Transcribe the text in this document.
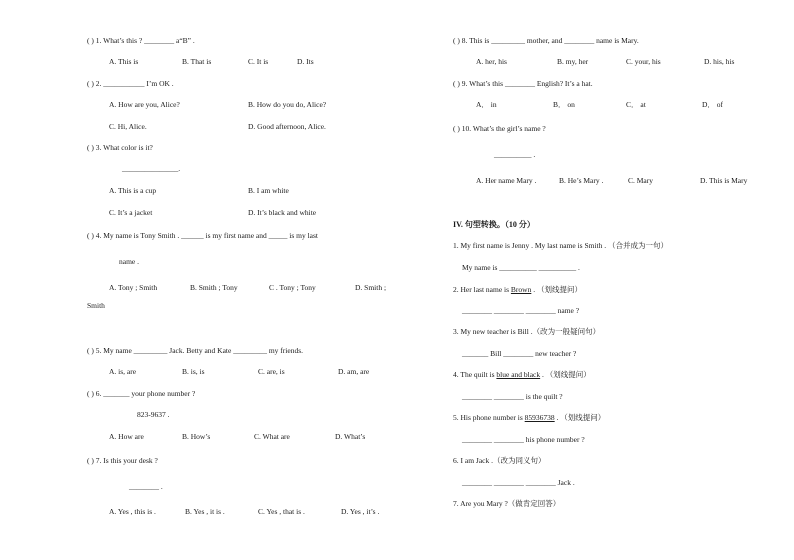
( ) 1. What’s this ? ________ a“B” .
A. This is	B. That is	C. It is	D. Its
( ) 2. ___________ I’m OK .
A. How are you, Alice?	B. How do you do, Alice?
C. Hi, Alice.	D. Good afternoon, Alice.
( ) 3. What color is it?
_______________.
A. This is a cup	B. I am white
C. It’s a jacket	D. It’s black and white
( ) 4. My name is Tony Smith . ______ is my first name and _____ is my last
name .
A. Tony ; Smith	B. Smith ; Tony	C . Tony ; Tony	D. Smith ;
Smith
( ) 5. My name _________ Jack. Betty and Kate _________ my friends.
A. is, are	B. is, is	C. are, is	D. am, are
( ) 6. _______ your phone number ?
823-9637 .
A. How are	B. How’s	C. What are	D. What’s
( ) 7. Is this your desk ?
________ .
A. Yes , this is .	B. Yes , it is .	C. Yes , that is .	D. Yes , it’s .
( ) 8. This is _________ mother, and ________ name is Mary.
A. her, his	B. my, her	C. your, his	D. his, his
( ) 9. What’s this ________ English? It’s a hat.
A． in	B． on	C． at	D． of
( ) 10. What’s the girl’s name ?
__________ .
A. Her name Mary .	B. He’s Mary .	C. Mary	D. This is Mary
IV. 句型转换。（10 分）
1. My first name is Jenny . My last name is Smith . （合并成为一句）
My name is __________ __________ .
2. Her last name is Brown . （划线提问）
________ ________ ________ name ?
3. My new teacher is Bill .（改为一般疑问句）
_______ Bill ________ new teacher ?
4. The quilt is blue and black . （划线提问）
________ ________ is the quilt ?
5. His phone number is 85936738 . （划线提问）
________ ________ his phone number ?
6. I am Jack .（改为同义句）
________ ________ ________ Jack .
7. Are you Mary ?（做肯定回答）
